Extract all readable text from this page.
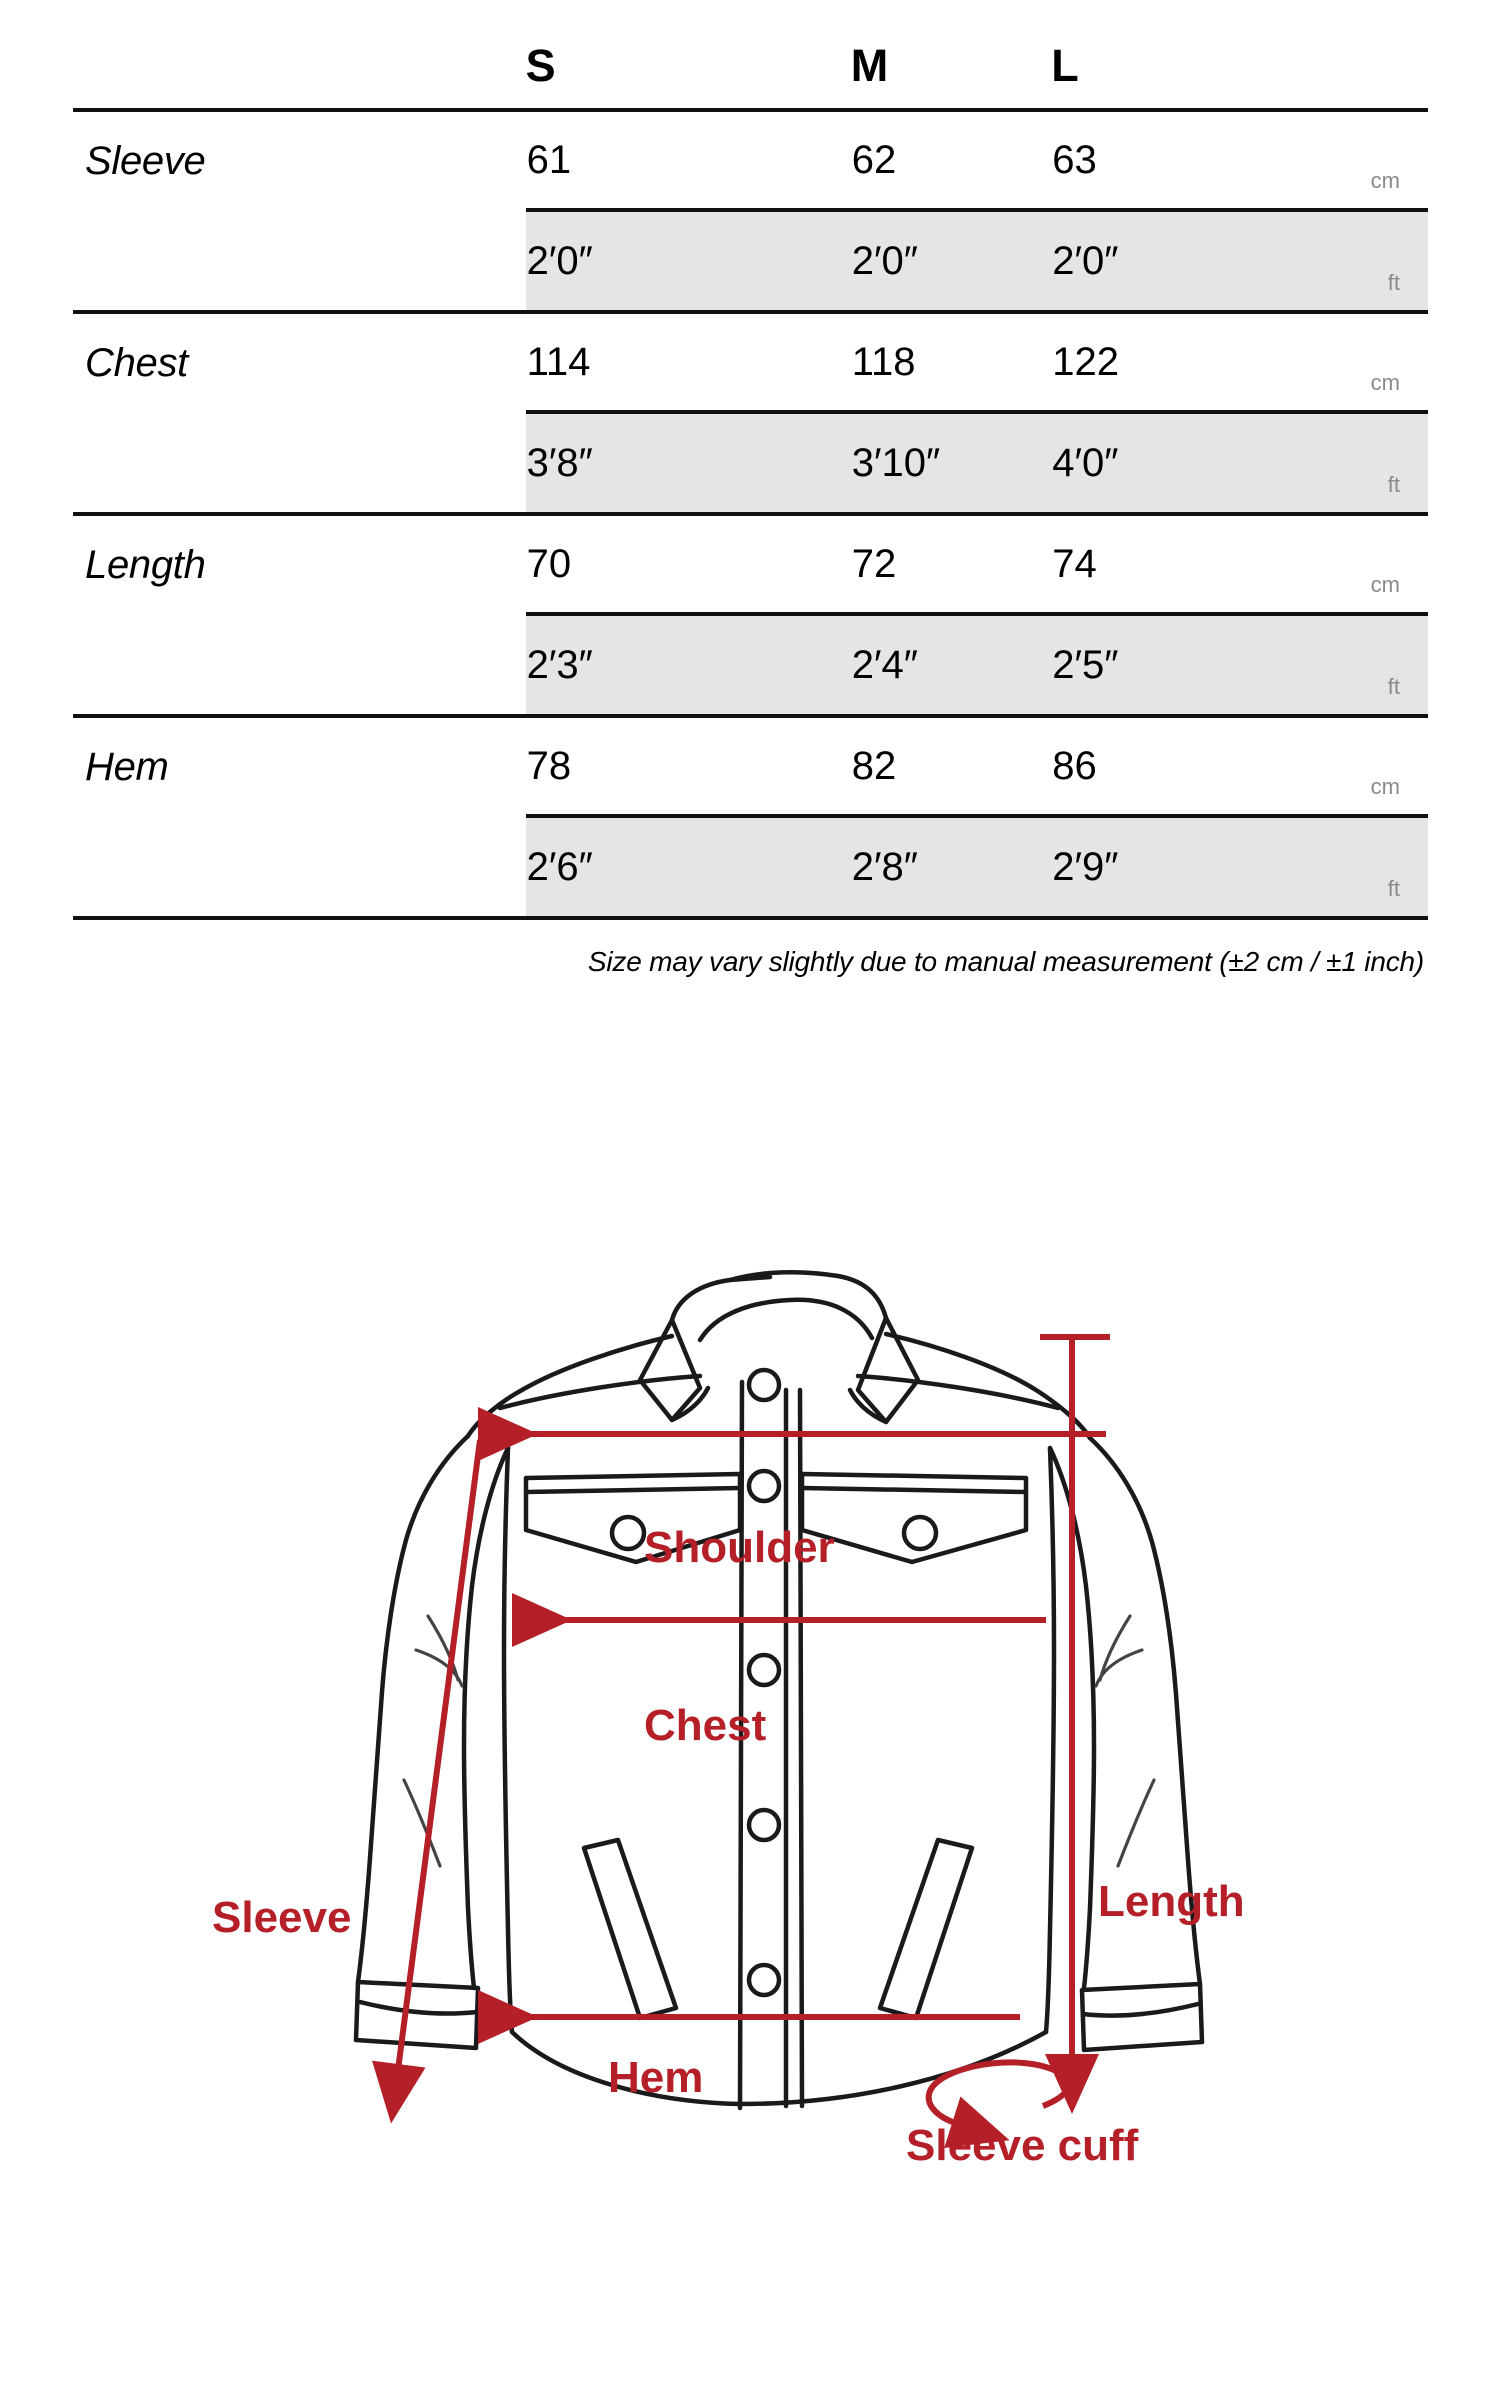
	S	M	L	
Sleeve	61	62	63	cm
	2′0″	2′0″	2′0″	ft
Chest	114	118	122	cm
	3′8″	3′10″	4′0″	ft
Length	70	72	74	cm
	2′3″	2′4″	2′5″	ft
Hem	78	82	86	cm
	2′6″	2′8″	2′9″	ft

Size may vary slightly due to manual measurement (±2 cm / ±1 inch)
Shoulder
Chest
Sleeve	Length
Hem
Sleeve cuff
